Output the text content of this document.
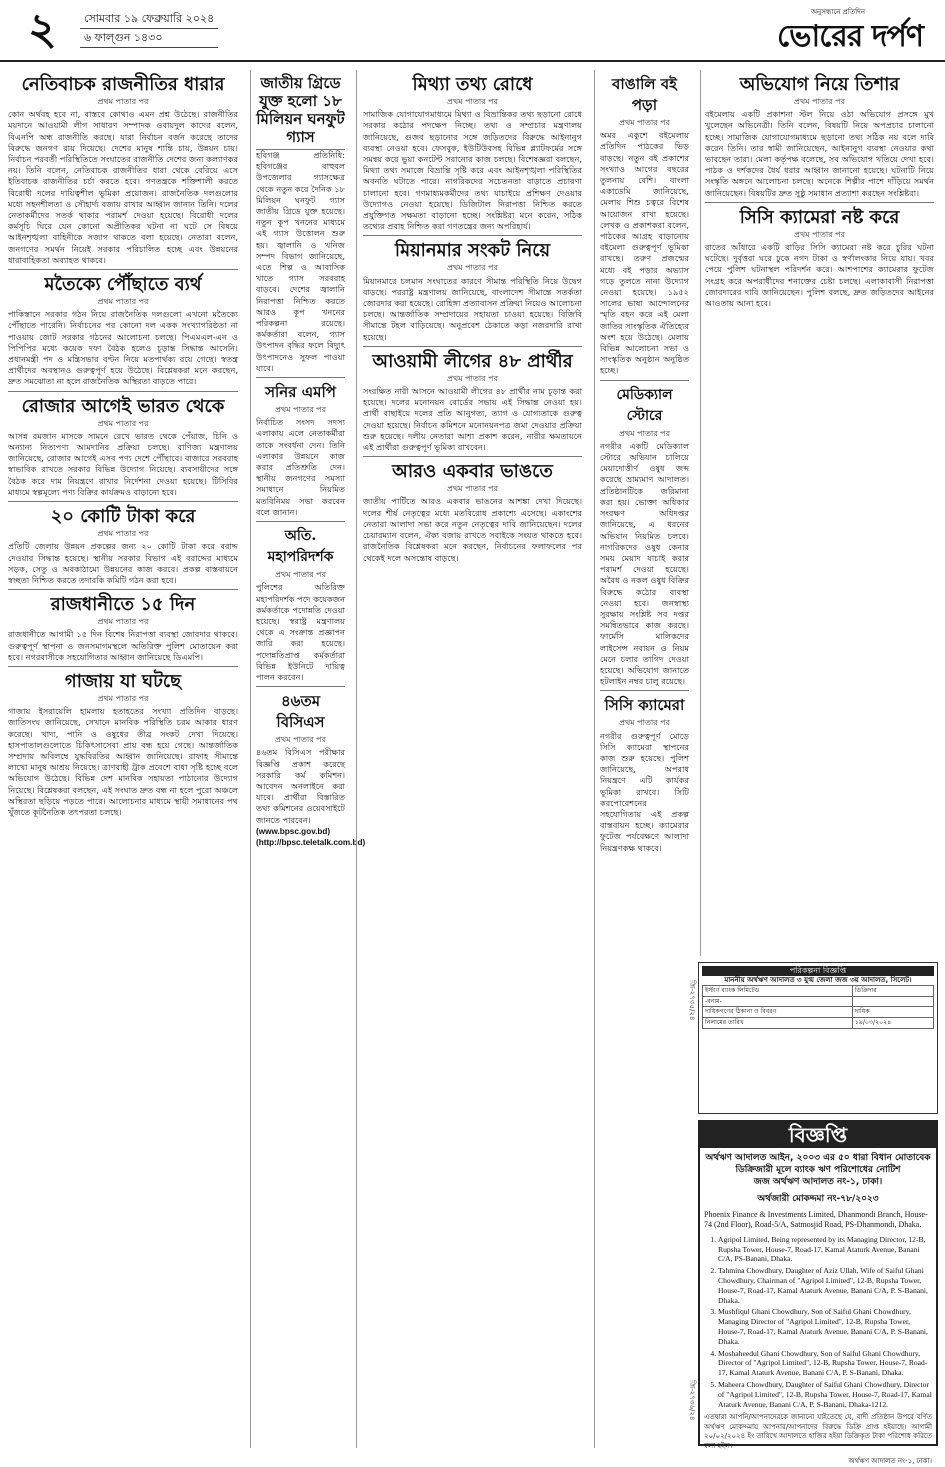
২	সোমবার ১৯ ফেব্রুয়ারি ২০২৪
৬ ফাল্গুন ১৪৩০
অনুসন্ধানে প্রতিদিন
ভোরের দর্পণ
নেতিবাচক রাজনীতির ধারার
প্রথম পাতার পর

কোন অর্থবহ হবে না, বাস্তবে কোথাও এমন প্রশ্ন উঠেছে। রাজনীতির ময়দানে আওয়ামী লীগ সাধারণ সম্পাদক ওবায়দুল কাদের বলেন, বিএনপি অন্ধ রাজনীতি করছে। যারা নির্বাচন বর্জন করেছে তাদের বিরুদ্ধে জনগণ রায় দিয়েছে। দেশের মানুষ শান্তি চায়, উন্নয়ন চায়। নির্বাচন পরবর্তী পরিস্থিতিতে সংঘাতের রাজনীতি দেশের জন্য কল্যাণকর নয়। তিনি বলেন, নেতিবাচক রাজনীতির ধারা থেকে বেরিয়ে এসে ইতিবাচক রাজনীতির চর্চা করতে হবে। গণতন্ত্রকে শক্তিশালী করতে বিরোধী দলের দায়িত্বশীল ভূমিকা প্রয়োজন। রাজনৈতিক দলগুলোর মধ্যে সহনশীলতা ও সৌহার্দ্য বজায় রাখার আহ্বান জানান তিনি। দলের নেতাকর্মীদের সতর্ক থাকার পরামর্শ দেওয়া হয়েছে। বিরোধী দলের কর্মসূচি ঘিরে যেন কোনো অপ্রীতিকর ঘটনা না ঘটে সে বিষয়ে আইনশৃঙ্খলা বাহিনীকে সজাগ থাকতে বলা হয়েছে। নেতারা বলেন, জনগণের সমর্থন নিয়েই সরকার পরিচালিত হচ্ছে এবং উন্নয়নের ধারাবাহিকতা অব্যাহত থাকবে।

মতৈক্যে পৌঁছাতে ব্যর্থ
প্রথম পাতার পর

পাকিস্তানে সরকার গঠন নিয়ে রাজনৈতিক দলগুলো এখনো মতৈক্যে পৌঁছাতে পারেনি। নির্বাচনের পর কোনো দল একক সংখ্যাগরিষ্ঠতা না পাওয়ায় জোট সরকার গঠনের আলোচনা চলছে। পিএমএল-এন ও পিপিপির মধ্যে কয়েক দফা বৈঠক হলেও চূড়ান্ত সিদ্ধান্ত আসেনি। প্রধানমন্ত্রী পদ ও মন্ত্রিসভার বণ্টন নিয়ে মতপার্থক্য রয়ে গেছে। স্বতন্ত্র প্রার্থীদের অবস্থানও গুরুত্বপূর্ণ হয়ে উঠেছে। বিশ্লেষকরা মনে করছেন, দ্রুত সমঝোতা না হলে রাজনৈতিক অস্থিরতা বাড়তে পারে।

রোজার আগেই ভারত থেকে
প্রথম পাতার পর

আসন্ন রমজান মাসকে সামনে রেখে ভারত থেকে পেঁয়াজ, চিনি ও অন্যান্য নিত্যপণ্য আমদানির প্রক্রিয়া চলছে। বাণিজ্য মন্ত্রণালয় জানিয়েছে, রোজার আগেই এসব পণ্য দেশে পৌঁছাবে। বাজারে সরবরাহ স্বাভাবিক রাখতে সরকার বিভিন্ন উদ্যোগ নিয়েছে। ব্যবসায়ীদের সঙ্গে বৈঠক করে দাম নিয়ন্ত্রণে রাখার নির্দেশনা দেওয়া হয়েছে। টিসিবির মাধ্যমে স্বল্পমূল্যে পণ্য বিক্রির কার্যক্রমও বাড়ানো হবে।

২০ কোটি টাকা করে
প্রথম পাতার পর

প্রতিটি জেলায় উন্নয়ন প্রকল্পের জন্য ২০ কোটি টাকা করে বরাদ্দ দেওয়ার সিদ্ধান্ত হয়েছে। স্থানীয় সরকার বিভাগ এই বরাদ্দের মাধ্যমে সড়ক, সেতু ও অবকাঠামো উন্নয়নের কাজ করবে। প্রকল্প বাস্তবায়নে স্বচ্ছতা নিশ্চিত করতে তদারকি কমিটি গঠন করা হবে।

রাজধানীতে ১৫ দিন
প্রথম পাতার পর

রাজধানীতে আগামী ১৫ দিন বিশেষ নিরাপত্তা ব্যবস্থা জোরদার থাকবে। গুরুত্বপূর্ণ স্থাপনা ও জনসমাগমস্থলে অতিরিক্ত পুলিশ মোতায়েন করা হবে। নগরবাসীকে সহযোগিতার আহ্বান জানিয়েছে ডিএমপি।

গাজায় যা ঘটছে
প্রথম পাতার পর

গাজায় ইসরায়েলি হামলায় হতাহতের সংখ্যা প্রতিদিন বাড়ছে। জাতিসংঘ জানিয়েছে, সেখানে মানবিক পরিস্থিতি চরম আকার ধারণ করেছে। খাদ্য, পানি ও ওষুধের তীব্র সংকট দেখা দিয়েছে। হাসপাতালগুলোতে চিকিৎসাসেবা প্রায় বন্ধ হয়ে গেছে। আন্তর্জাতিক সম্প্রদায় অবিলম্বে যুদ্ধবিরতির আহ্বান জানিয়েছে। রাফাহ সীমান্তে লাখো মানুষ আশ্রয় নিয়েছে। ত্রাণবাহী ট্রাক প্রবেশে বাধা সৃষ্টি হচ্ছে বলে অভিযোগ উঠেছে। বিভিন্ন দেশ মানবিক সহায়তা পাঠানোর উদ্যোগ নিয়েছে। বিশ্লেষকরা বলছেন, এই সংঘাত দ্রুত বন্ধ না হলে পুরো অঞ্চলে অস্থিরতা ছড়িয়ে পড়তে পারে। আলোচনার মাধ্যমে স্থায়ী সমাধানের পথ খুঁজতে কূটনৈতিক তৎপরতা চলছে।

জাতীয় গ্রিডে যুক্ত হলো ১৮ মিলিয়ন ঘনফুট গ্যাস

হবিগঞ্জ প্রতিনিধি: হবিগঞ্জের বাহুবল উপজেলার গ্যাসক্ষেত্র থেকে নতুন করে দৈনিক ১৮ মিলিয়ন ঘনফুট গ্যাস জাতীয় গ্রিডে যুক্ত হয়েছে। নতুন কূপ খননের মাধ্যমে এই গ্যাস উত্তোলন শুরু হয়। জ্বালানি ও খনিজ সম্পদ বিভাগ জানিয়েছে, এতে শিল্প ও আবাসিক খাতে গ্যাস সরবরাহ বাড়বে। দেশের জ্বালানি নিরাপত্তা নিশ্চিত করতে আরও কূপ খননের পরিকল্পনা রয়েছে। কর্মকর্তারা বলেন, গ্যাস উৎপাদন বৃদ্ধির ফলে বিদ্যুৎ উৎপাদনেও সুফল পাওয়া যাবে।

সনির এমপি
প্রথম পাতার পর

নির্বাচিত সংসদ সদস্য এলাকায় এলে নেতাকর্মীরা তাকে সংবর্ধনা দেন। তিনি এলাকার উন্নয়নে কাজ করার প্রতিশ্রুতি দেন। স্থানীয় জনগণের সমস্যা সমাধানে নিয়মিত মতবিনিময় সভা করবেন বলে জানান।

অতি. মহাপরিদর্শক
প্রথম পাতার পর

পুলিশের অতিরিক্ত মহাপরিদর্শক পদে কয়েকজন কর্মকর্তাকে পদোন্নতি দেওয়া হয়েছে। স্বরাষ্ট্র মন্ত্রণালয় থেকে এ সংক্রান্ত প্রজ্ঞাপন জারি করা হয়েছে। পদোন্নতিপ্রাপ্ত কর্মকর্তারা বিভিন্ন ইউনিটে দায়িত্ব পালন করবেন।

৪৬তম বিসিএস
প্রথম পাতার পর

৪৬তম বিসিএস পরীক্ষার বিজ্ঞপ্তি প্রকাশ করেছে সরকারি কর্ম কমিশন। আবেদন অনলাইনে করা যাবে। প্রার্থীরা বিস্তারিত তথ্য কমিশনের ওয়েবসাইটে জানতে পারবেন।

(www.bpsc.gov.bd)

(http://bpsc.teletalk.com.bd)

মিথ্যা তথ্য রোধে
প্রথম পাতার পর

সামাজিক যোগাযোগমাধ্যমে মিথ্যা ও বিভ্রান্তিকর তথ্য ছড়ানো রোধে সরকার কঠোর পদক্ষেপ নিচ্ছে। তথ্য ও সম্প্রচার মন্ত্রণালয় জানিয়েছে, গুজব ছড়ানোর সঙ্গে জড়িতদের বিরুদ্ধে আইনানুগ ব্যবস্থা নেওয়া হবে। ফেসবুক, ইউটিউবসহ বিভিন্ন প্ল্যাটফর্মের সঙ্গে সমন্বয় করে ভুয়া কনটেন্ট সরানোর কাজ চলছে। বিশেষজ্ঞরা বলছেন, মিথ্যা তথ্য সমাজে বিভ্রান্তি সৃষ্টি করে এবং আইনশৃঙ্খলা পরিস্থিতির অবনতি ঘটাতে পারে। নাগরিকদের সচেতনতা বাড়াতে প্রচারণা চালানো হবে। গণমাধ্যমকর্মীদের তথ্য যাচাইয়ে প্রশিক্ষণ দেওয়ার উদ্যোগও নেওয়া হয়েছে। ডিজিটাল নিরাপত্তা নিশ্চিত করতে প্রযুক্তিগত সক্ষমতা বাড়ানো হচ্ছে। সংশ্লিষ্টরা মনে করেন, সঠিক তথ্যের প্রবাহ নিশ্চিত করা গণতন্ত্রের জন্য অপরিহার্য।

মিয়ানমার সংকট নিয়ে
প্রথম পাতার পর

মিয়ানমারে চলমান সংঘাতের কারণে সীমান্ত পরিস্থিতি নিয়ে উদ্বেগ বাড়ছে। পররাষ্ট্র মন্ত্রণালয় জানিয়েছে, বাংলাদেশ সীমান্তে সতর্কতা জোরদার করা হয়েছে। রোহিঙ্গা প্রত্যাবাসন প্রক্রিয়া নিয়েও আলোচনা চলছে। আন্তর্জাতিক সম্প্রদায়ের সহায়তা চাওয়া হয়েছে। বিজিবি সীমান্তে টহল বাড়িয়েছে। অনুপ্রবেশ ঠেকাতে কড়া নজরদারি রাখা হয়েছে।

আওয়ামী লীগের ৪৮ প্রার্থীর
প্রথম পাতার পর

সংরক্ষিত নারী আসনে আওয়ামী লীগের ৪৮ প্রার্থীর নাম চূড়ান্ত করা হয়েছে। দলের মনোনয়ন বোর্ডের সভায় এই সিদ্ধান্ত নেওয়া হয়। প্রার্থী বাছাইয়ে দলের প্রতি আনুগত্য, ত্যাগ ও যোগ্যতাকে গুরুত্ব দেওয়া হয়েছে। নির্বাচন কমিশনে মনোনয়নপত্র জমা দেওয়ার প্রক্রিয়া শুরু হয়েছে। দলীয় নেতারা আশা প্রকাশ করেন, নারীর ক্ষমতায়নে এই প্রার্থীরা গুরুত্বপূর্ণ ভূমিকা রাখবেন।

আরও একবার ভাঙতে
প্রথম পাতার পর

জাতীয় পার্টিতে আরও একবার ভাঙনের আশঙ্কা দেখা দিয়েছে। দলের শীর্ষ নেতৃত্বের মধ্যে মতবিরোধ প্রকাশ্যে এসেছে। একাংশের নেতারা আলাদা সভা করে নতুন নেতৃত্বের দাবি জানিয়েছেন। দলের চেয়ারম্যান বলেন, ঐক্য বজায় রাখতে সবাইকে সংযত থাকতে হবে। রাজনৈতিক বিশ্লেষকরা মনে করছেন, নির্বাচনের ফলাফলের পর থেকেই দলে অসন্তোষ বাড়ছে।

বাঙালি বই পড়া
প্রথম পাতার পর

অমর একুশে বইমেলায় প্রতিদিন পাঠকের ভিড় বাড়ছে। নতুন বই প্রকাশের সংখ্যাও আগের বছরের তুলনায় বেশি। বাংলা একাডেমি জানিয়েছে, মেলায় শিশু চত্বরে বিশেষ আয়োজন রাখা হয়েছে। লেখক ও প্রকাশকরা বলেন, পাঠকের আগ্রহ বাড়ানোয় বইমেলা গুরুত্বপূর্ণ ভূমিকা রাখছে। তরুণ প্রজন্মের মধ্যে বই পড়ার অভ্যাস গড়ে তুলতে নানা উদ্যোগ নেওয়া হয়েছে। ১৯৫২ সালের ভাষা আন্দোলনের স্মৃতি বহন করে এই মেলা জাতির সাংস্কৃতিক ঐতিহ্যের অংশ হয়ে উঠেছে। মেলায় বিভিন্ন আলোচনা সভা ও সাংস্কৃতিক অনুষ্ঠান অনুষ্ঠিত হচ্ছে।

মেডিক্যাল স্টোরে
প্রথম পাতার পর

নগরীর একটি মেডিক্যাল স্টোরে অভিযান চালিয়ে মেয়াদোত্তীর্ণ ওষুধ জব্দ করেছে ভ্রাম্যমাণ আদালত। প্রতিষ্ঠানটিকে জরিমানা করা হয়। ভোক্তা অধিকার সংরক্ষণ অধিদপ্তর জানিয়েছে, এ ধরনের অভিযান নিয়মিত চলবে। নাগরিকদের ওষুধ কেনার সময় মেয়াদ যাচাই করার পরামর্শ দেওয়া হয়েছে। অবৈধ ও নকল ওষুধ বিক্রির বিরুদ্ধে কঠোর ব্যবস্থা নেওয়া হবে। জনস্বাস্থ্য সুরক্ষায় সংশ্লিষ্ট সব দপ্তর সমন্বিতভাবে কাজ করছে। ফার্মেসি মালিকদের লাইসেন্স নবায়ন ও নিয়ম মেনে চলার তাগিদ দেওয়া হয়েছে। অভিযোগ জানাতে হটলাইন নম্বর চালু রয়েছে।

সিসি ক্যামেরা
প্রথম পাতার পর

নগরীর গুরুত্বপূর্ণ মোড়ে সিসি ক্যামেরা স্থাপনের কাজ শুরু হয়েছে। পুলিশ জানিয়েছে, অপরাধ নিয়ন্ত্রণে এটি কার্যকর ভূমিকা রাখবে। সিটি করপোরেশনের সহযোগিতায় এই প্রকল্প বাস্তবায়ন হচ্ছে। ক্যামেরার ফুটেজ পর্যবেক্ষণে আলাদা নিয়ন্ত্রণকক্ষ থাকবে।

অভিযোগ নিয়ে তিশার
প্রথম পাতার পর

বইমেলায় একটি প্রকাশনা স্টল নিয়ে ওঠা অভিযোগ প্রসঙ্গে মুখ খুলেছেন অভিনেত্রী। তিনি বলেন, বিষয়টি নিয়ে অপপ্রচার চালানো হচ্ছে। সামাজিক যোগাযোগমাধ্যমে ছড়ানো তথ্য সঠিক নয় বলে দাবি করেন তিনি। তার স্বামী জানিয়েছেন, আইনানুগ ব্যবস্থা নেওয়ার কথা ভাবছেন তারা। মেলা কর্তৃপক্ষ বলেছে, সব অভিযোগ খতিয়ে দেখা হবে। পাঠক ও দর্শকদের ধৈর্য ধরার আহ্বান জানানো হয়েছে। ঘটনাটি নিয়ে সংস্কৃতি অঙ্গনে আলোচনা চলছে। অনেকে শিল্পীর পাশে দাঁড়িয়ে সমর্থন জানিয়েছেন। বিষয়টির দ্রুত সুষ্ঠু সমাধান প্রত্যাশা করছেন সংশ্লিষ্টরা।

সিসি ক্যামেরা নষ্ট করে
প্রথম পাতার পর

রাতের আঁধারে একটি বাড়ির সিসি ক্যামেরা নষ্ট করে চুরির ঘটনা ঘটেছে। দুর্বৃত্তরা ঘরে ঢুকে নগদ টাকা ও স্বর্ণালংকার নিয়ে যায়। খবর পেয়ে পুলিশ ঘটনাস্থল পরিদর্শন করে। আশপাশের ক্যামেরার ফুটেজ সংগ্রহ করে অপরাধীদের শনাক্তের চেষ্টা চলছে। এলাকাবাসী নিরাপত্তা জোরদারের দাবি জানিয়েছেন। পুলিশ বলছে, দ্রুত জড়িতদের আইনের আওতায় আনা হবে।

পরিকল্পনা বিজ্ঞপ্তি
মাননীয় অর্থঋণ আদালত ৩ যুগ্ম জেলা জজ ৩য় আদালত, সিলেট।
ইস্টার্ণ ব্যাংক লিমিটেড	ডিক্রিদার
-বনাম-	
দায়িকগণের ঠিকানা ও বিবরণ	দায়িক
নিলামের তারিখ	১৯/০৩/২০২৪
বিজ্ঞপ্তি
অর্থঋণ আদালত আইন, ২০০৩ এর ৫০ ধারা বিধান মোতাবেক ডিক্রিজারী মূলে ব্যাংক ঋণ পরিশোধের নোটিশ
জজ অর্থঋণ আদালত নং-১, ঢাকা।
অর্থজারী মোকদ্দমা নং-৭৮/২০২৩
Phoenix Finance & Investments Limited, Dhanmondi Branch, House-74 (2nd Floor), Road-5/A, Satmosjid Road, PS-Dhanmondi, Dhaka.
1. Agripol Limited, Being represented by its Managing Director, 12-B, Rupsha Tower, House-7, Road-17, Kamal Ataturk Avenue, Banani C/A, PS-Banani, Dhaka.
2. Tahmina Chowdhury, Daughter of Aziz Ullah, Wife of Saiful Ghani Chowdhury, Chairman of "Agripol Limited", 12-B, Rupsha Tower, House-7, Road-17, Kamal Ataturk Avenue, Banani C/A, P. S-Banani, Dhaka.
3. Mushfiqul Ghani Chowdhury, Son of Saiful Ghani Chowdhury, Managing Director of "Agripol Limited", 12-B, Rupsha Tower, House-7, Road-17, Kamal Ataturk Avenue, Banani C/A, P. S-Banani, Dhaka.
4. Moshaheedul Ghani Chowdhury, Son of Saiful Ghani Chowdhury, Director of "Agripol Limited", 12-B, Rupsha Tower, House-7, Road-17, Kamal Ataturk Avenue, Banani C/A, P. S-Banani, Dhaka.
5. Maheera Chowdhury, Daughter of Saiful Ghani Chowdhury, Director of "Agripol Limited", 12-B, Rupsha Tower, House-7, Road-17, Kamal Ataturk Avenue, Banani C/A, P. S-Banani, Dhaka-1212.
এতদ্বারা আপনি/আপনাদেরকে জানানো যাইতেছে যে, বাদী প্রতিষ্ঠান উপরে বর্ণিত অর্থঋণ মোকদ্দমায় আপনার/আপনাদের বিরুদ্ধে ডিক্রি প্রাপ্ত হইয়াছে। আগামী ২০/০২/২০২৪ ইং তারিখে আদালতে হাজির হইয়া ডিক্রিকৃত টাকা পরিশোধ করিতে বলা হইল।
অর্থঋণ আদালত নং-১, ঢাকা।
জি-২৭৩৫/২৪
জি-২৭৩৬/২৪
